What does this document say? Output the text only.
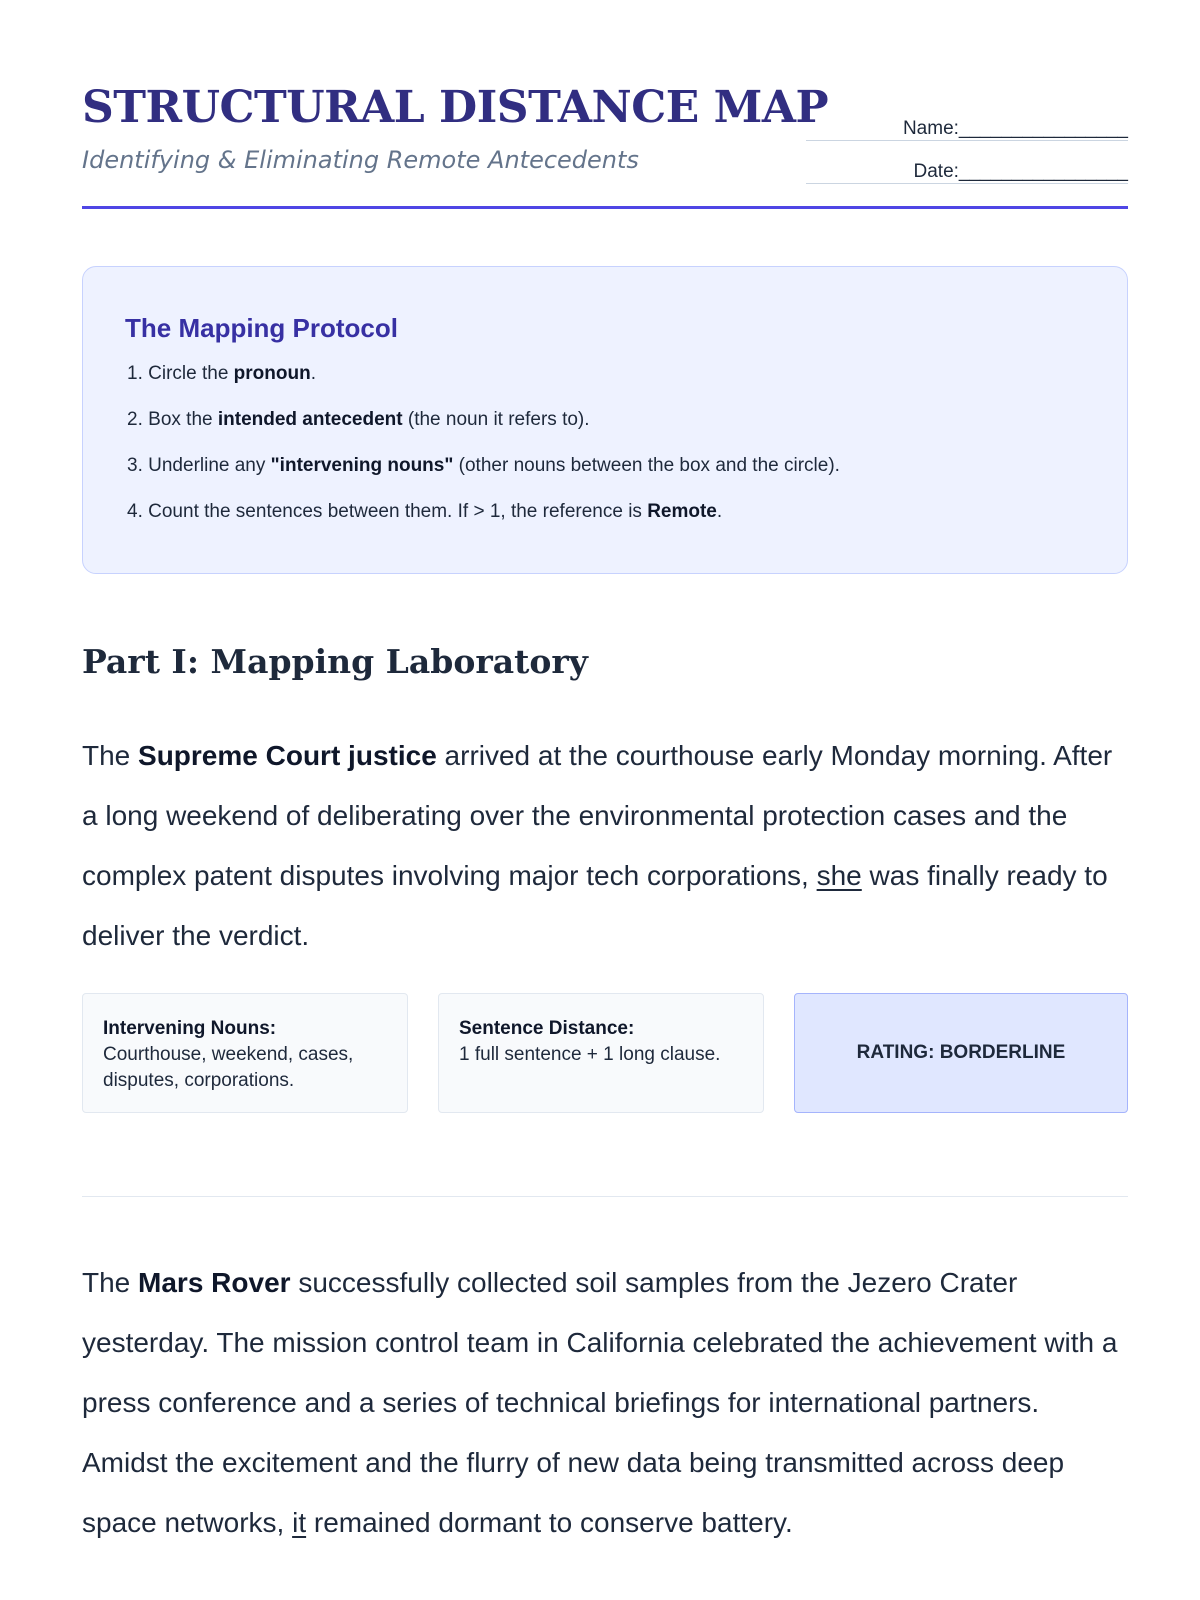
STRUCTURAL DISTANCE MAP
Identifying & Eliminating Remote Antecedents
Name: ________________
Date: ________________
The Mapping Protocol
1. Circle the pronoun.
2. Box the intended antecedent (the noun it refers to).
3. Underline any "intervening nouns" (other nouns between the box and the circle).
4. Count the sentences between them. If > 1, the reference is Remote.
Part I: Mapping Laboratory

The Supreme Court justice arrived at the courthouse early Monday morning. After a long weekend of deliberating over the environmental protection cases and the complex patent disputes involving major tech corporations, she was finally ready to deliver the verdict.

Intervening Nouns:
Courthouse, weekend, cases, disputes, corporations.
Sentence Distance:
1 full sentence + 1 long clause.	RATING: BORDERLINE

The Mars Rover successfully collected soil samples from the Jezero Crater yesterday. The mission control team in California celebrated the achievement with a press conference and a series of technical briefings for international partners. Amidst the excitement and the flurry of new data being transmitted across deep space networks, it remained dormant to conserve battery.
